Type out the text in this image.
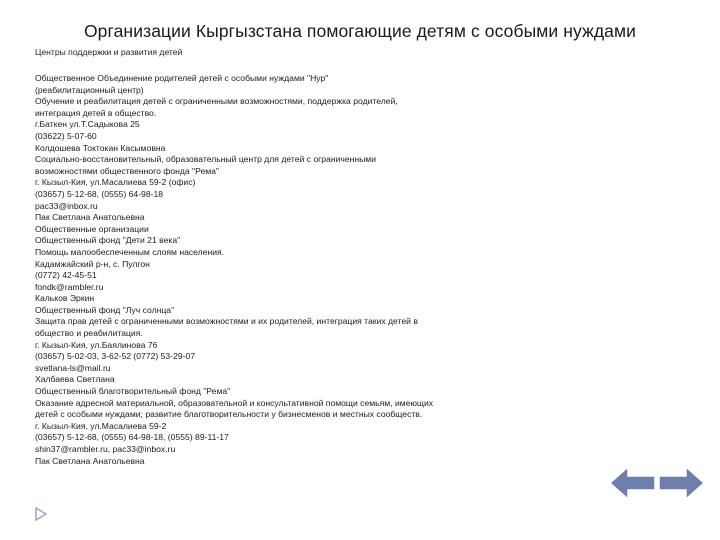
Организации Кыргызстана помогающие детям с особыми нуждами
Центры поддержки и развития детей
Общественное Объединение родителей детей с особыми нуждами "Нур"
(реабилитационный центр)
Обучение и реабилитация детей с ограниченными возможностями, поддержка родителей,
интеграция детей в общество.
г.Баткен ул.Т.Садыкова 25
(03622) 5-07-60
Колдошева Токтокан Касымовна
Социально-восстановительный, образовательный центр для детей с ограниченными
возможностями общественного фонда "Рема"
г. Кызыл-Кия, ул.Масалиева 59-2 (офис)
(03657) 5-12-68, (0555) 64-98-18
pac33@inbox.ru
Пак Светлана Анатольевна
Общественные организации
Общественный фонд "Дети 21 века"
Помощь малообеспеченным слоям населения.
Кадамжайский р-н, с. Пулгон
(0772) 42-45-51
fondk@rambler.ru
Кальков Эркин
Общественный фонд "Луч солнца"
Защита прав детей с ограниченными возможностями и их родителей, интеграция таких детей в
общество и реабилитация.
г. Кызыл-Кия, ул.Баялинова 76
(03657) 5-02-03, 3-62-52 (0772) 53-29-07
svetlana-ls@mail.ru
Халбаева Светлана
Общественный благотворительный фонд "Рема"
Оказание адресной материальной, образовательной и консультативной помощи семьям, имеющих
детей с особыми нуждами; развитие благотворительности у бизнесменов и местных сообществ.
г. Кызыл-Кия, ул.Масалиева 59-2
(03657) 5-12-68, (0555) 64-98-18, (0555) 89-11-17
shin37@rambler.ru, pac33@inbox.ru
Пак Светлана Анатольевна
